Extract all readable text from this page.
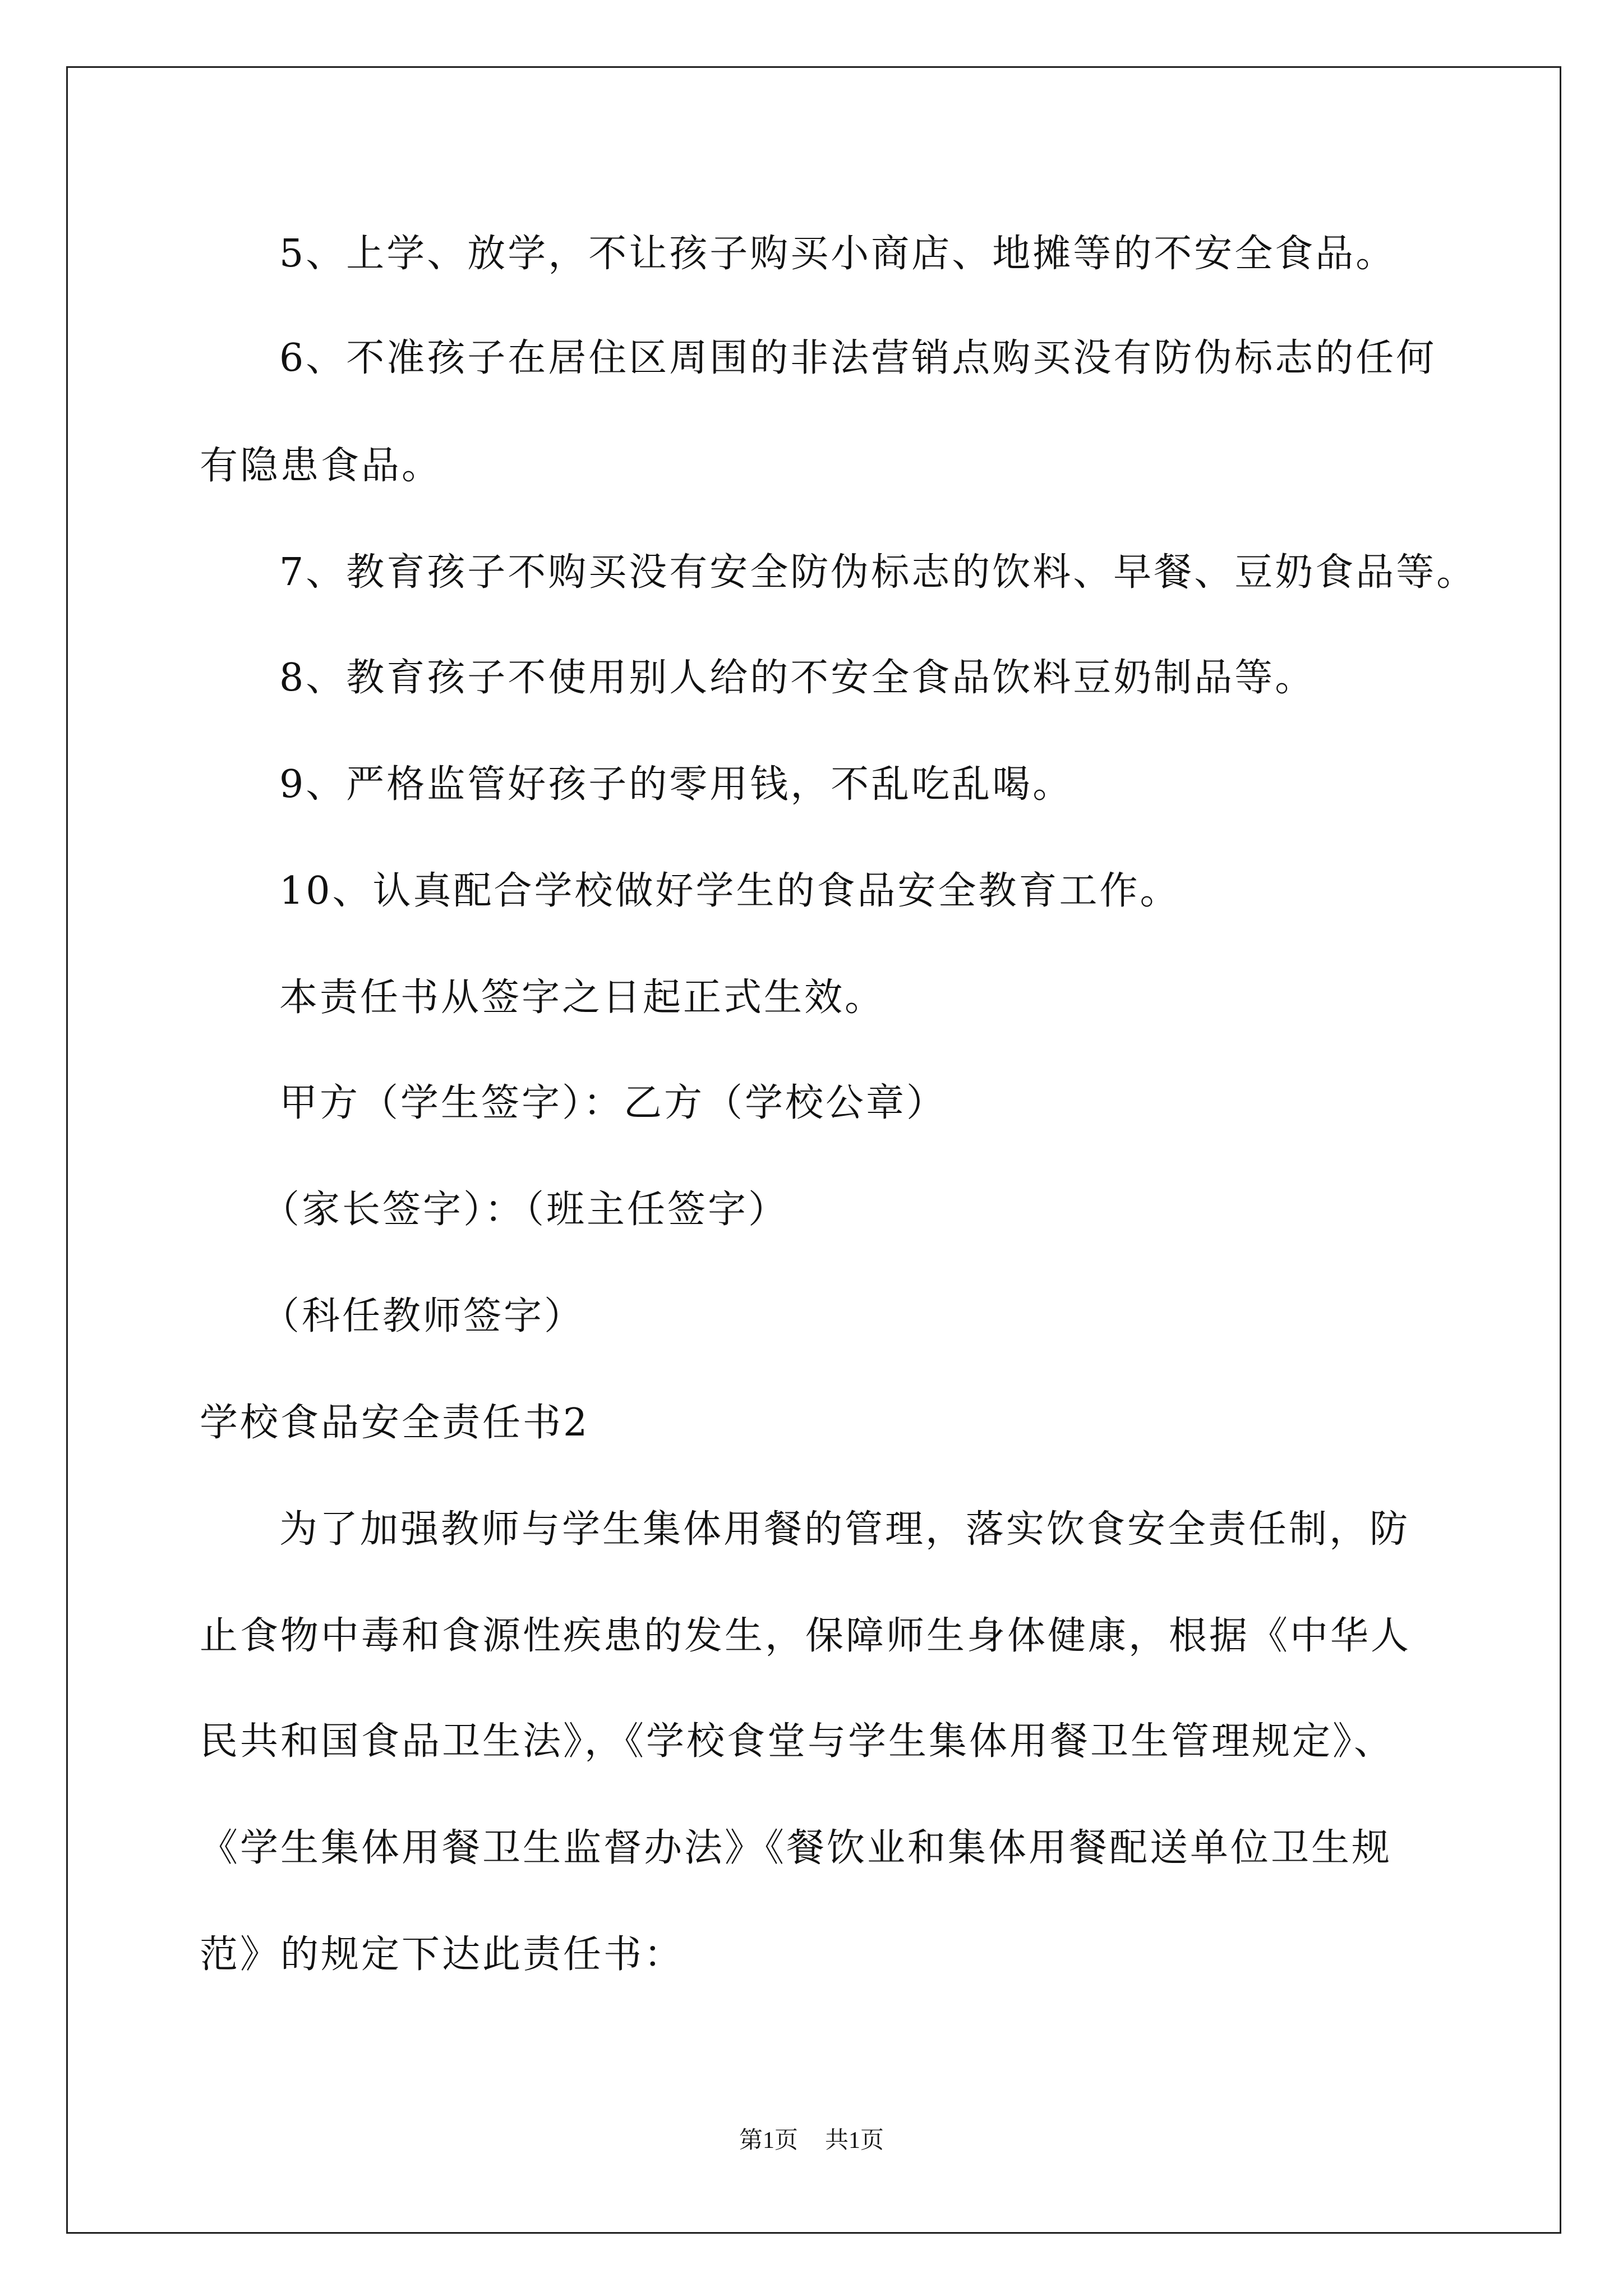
5、上学、放学，不让孩子购买小商店、地摊等的不安全食品。

6、不准孩子在居住区周围的非法营销点购买没有防伪标志的任何

有隐患食品。

7、教育孩子不购买没有安全防伪标志的饮料、早餐、豆奶食品等。

8、教育孩子不使用别人给的不安全食品饮料豆奶制品等。

9、严格监管好孩子的零用钱，不乱吃乱喝。

10、认真配合学校做好学生的食品安全教育工作。

本责任书从签字之日起正式生效。

甲方（学生签字）：乙方（学校公章）

（家长签字）：（班主任签字）

（科任教师签字）

学校食品安全责任书2

为了加强教师与学生集体用餐的管理，落实饮食安全责任制，防

止食物中毒和食源性疾患的发生，保障师生身体健康，根据《中华人

民共和国食品卫生法》，《学校食堂与学生集体用餐卫生管理规定》、

《学生集体用餐卫生监督办法》《餐饮业和集体用餐配送单位卫生规

范》的规定下达此责任书：

第1页 共1页
